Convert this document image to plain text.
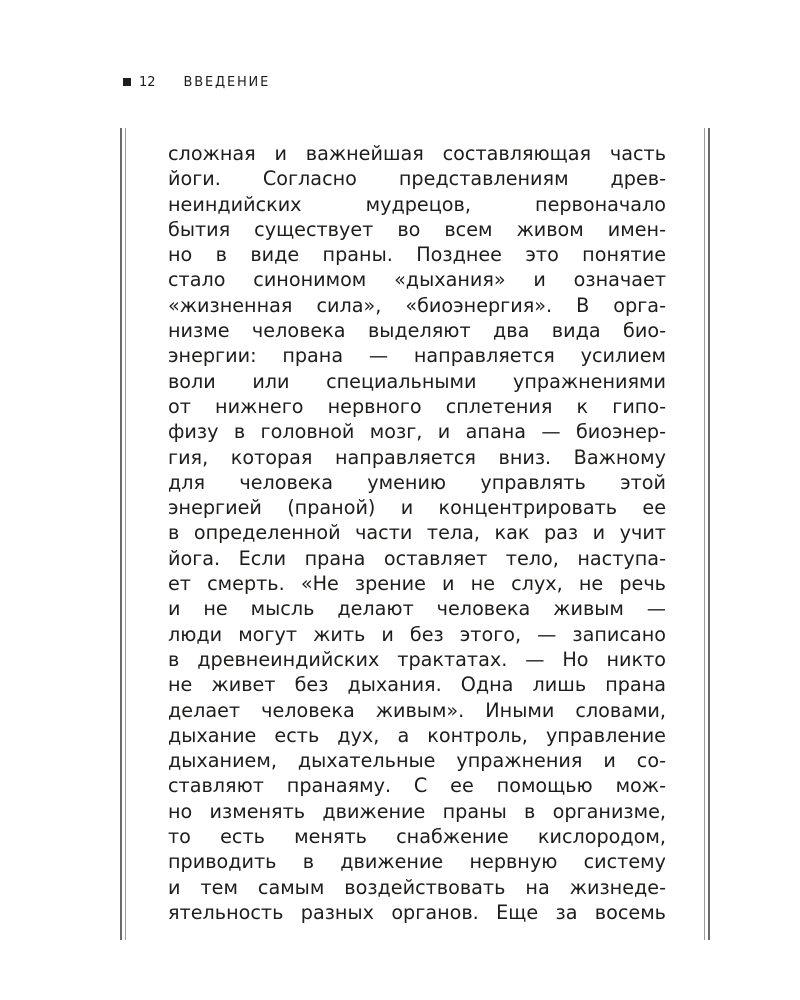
12 ВВЕДЕНИЕ
сложная и важнейшая составляющая часть
йоги. Согласно представлениям древ-
неиндийских мудрецов, первоначало
бытия существует во всем живом имен-
но в виде праны. Позднее это понятие
стало синонимом «дыхания» и означает
«жизненная сила», «биоэнергия». В орга-
низме человека выделяют два вида био-
энергии: прана — направляется усилием
воли или специальными упражнениями
от нижнего нервного сплетения к гипо-
физу в головной мозг, и апана — биоэнер-
гия, которая направляется вниз. Важному
для человека умению управлять этой
энергией (праной) и концентрировать ее
в определенной части тела, как раз и учит
йога. Если прана оставляет тело, наступа-
ет смерть. «Не зрение и не слух, не речь
и не мысль делают человека живым —
люди могут жить и без этого, — записано
в древнеиндийских трактатах. — Но никто
не живет без дыхания. Одна лишь прана
делает человека живым». Иными словами,
дыхание есть дух, а контроль, управление
дыханием, дыхательные упражнения и со-
ставляют пранаяму. С ее помощью мож-
но изменять движение праны в организме,
то есть менять снабжение кислородом,
приводить в движение нервную систему
и тем самым воздействовать на жизнеде-
ятельность разных органов. Еще за восемь
